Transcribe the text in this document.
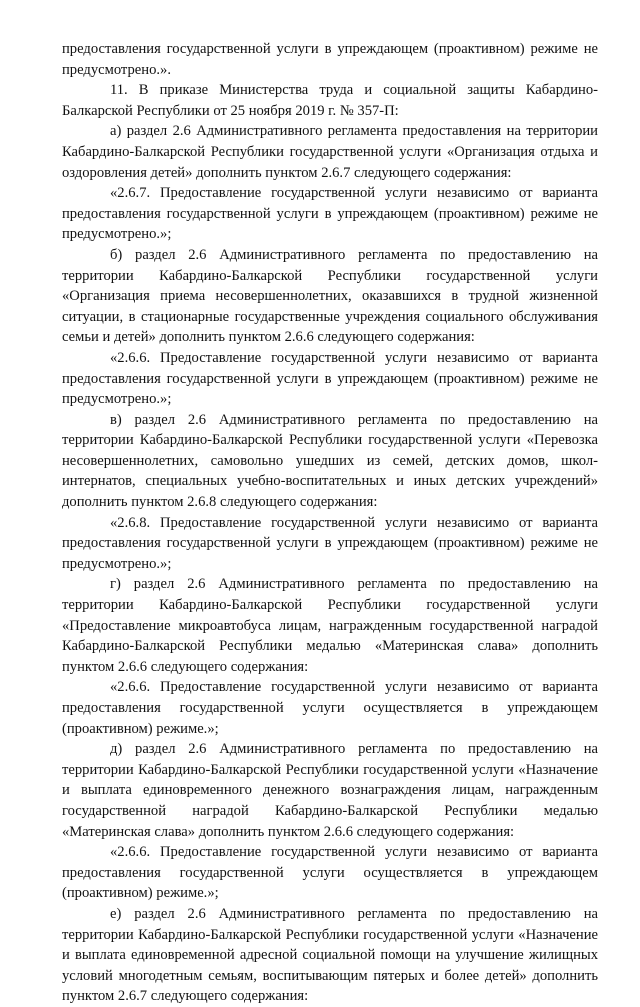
предоставления государственной услуги в упреждающем (проактивном) режиме не предусмотрено.».

11. В приказе Министерства труда и социальной защиты Кабардино-Балкарской Республики от 25 ноября 2019 г. № 357-П:

а) раздел 2.6 Административного регламента предоставления на территории Кабардино-Балкарской Республики государственной услуги «Организация отдыха и оздоровления детей» дополнить пунктом 2.6.7 следующего содержания:

«2.6.7. Предоставление государственной услуги независимо от варианта предоставления государственной услуги в упреждающем (проактивном) режиме не предусмотрено.»;

б) раздел 2.6 Административного регламента по предоставлению на территории Кабардино-Балкарской Республики государственной услуги «Организация приема несовершеннолетних, оказавшихся в трудной жизненной ситуации, в стационарные государственные учреждения социального обслуживания семьи и детей» дополнить пунктом 2.6.6 следующего содержания:

«2.6.6. Предоставление государственной услуги независимо от варианта предоставления государственной услуги в упреждающем (проактивном) режиме не предусмотрено.»;

в) раздел 2.6 Административного регламента по предоставлению на территории Кабардино-Балкарской Республики государственной услуги «Перевозка несовершеннолетних, самовольно ушедших из семей, детских домов, школ-интернатов, специальных учебно-воспитательных и иных детских учреждений» дополнить пунктом 2.6.8 следующего содержания:

«2.6.8. Предоставление государственной услуги независимо от варианта предоставления государственной услуги в упреждающем (проактивном) режиме не предусмотрено.»;

г) раздел 2.6 Административного регламента по предоставлению на территории Кабардино-Балкарской Республики государственной услуги «Предоставление микроавтобуса лицам, награжденным государственной наградой Кабардино-Балкарской Республики медалью «Материнская слава» дополнить пунктом 2.6.6 следующего содержания:

«2.6.6. Предоставление государственной услуги независимо от варианта предоставления государственной услуги осуществляется в упреждающем (проактивном) режиме.»;

д) раздел 2.6 Административного регламента по предоставлению на территории Кабардино-Балкарской Республики государственной услуги «Назначение и выплата единовременного денежного вознаграждения лицам, награжденным государственной наградой Кабардино-Балкарской Республики медалью «Материнская слава» дополнить пунктом 2.6.6 следующего содержания:

«2.6.6. Предоставление государственной услуги независимо от варианта предоставления государственной услуги осуществляется в упреждающем (проактивном) режиме.»;

е) раздел 2.6 Административного регламента по предоставлению на территории Кабардино-Балкарской Республики государственной услуги «Назначение и выплата единовременной адресной социальной помощи на улучшение жилищных условий многодетным семьям, воспитывающим пятерых и более детей» дополнить пунктом 2.6.7 следующего содержания:
